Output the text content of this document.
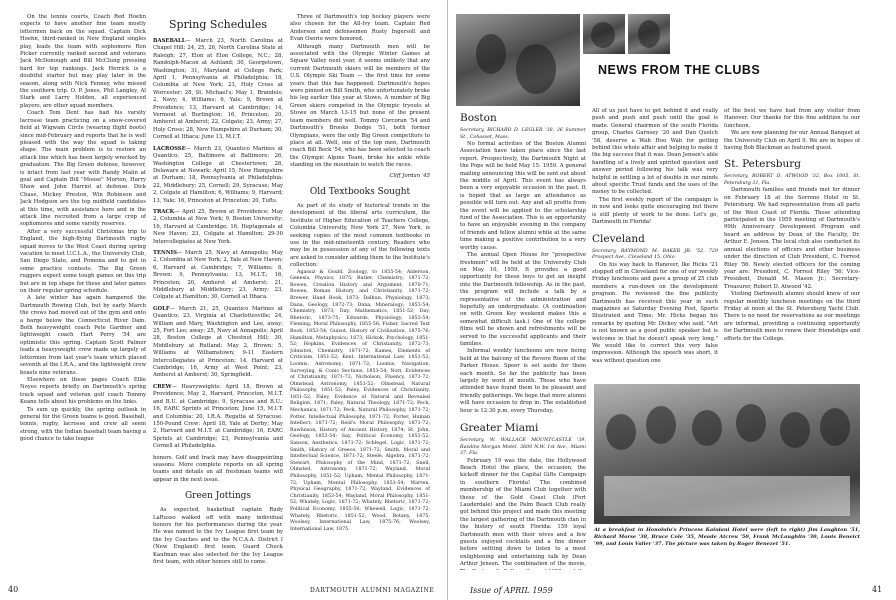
On the tennis courts, Coach Red Hoehn expects to have another fine team mostly lettermen back on the squad. Captain Dick Hoehn, third-ranked in New England singles play, leads the team with sophomore Ron Picker currently ranked second and veterans Jack McDonough and Bill McClung pressing hard for top rankings. Jack Herrick is a doubtful starter but may play later in the season, along with Nick Fenney, who missed the southern trip. O. P. Jones, Phil Langley, Al Stark and Larry Holden, all experienced players, are other squad members.

Coach Tom Dent has had his varsity lacrosse team practicing on a snow-covered field at Wigwam Circle (wearing flight boots) since mid-February and reports that he is well pleased with the way the squad is taking shape. The main problem is to restore an attack line which has been largely wrecked by graduation. The Big Green defense, however, is intact from last year with Randy Malin at goal and Captain Bill "Moose" Morton, Harry Shaw and John Harriot at defense. Dick Chase, Mickey Preston, Win Robinson and Jack Hodgson are the top midfield candidates at this time, with assistance here and in the attack line recruited from a large crop of sophomores and some varsity reserves.

After a very successful Christmas trip to England, the high-flying Dartmouth rugby squad moves to the West Coast during spring vacation to meet U.C.L.A., the University Club, San Diego State, and Pomona and to get in some practice contests. The Big Green ruggers expect some tough games on this trip but are in top shape for these and later games on their regular spring schedule.

A late winter has again hampered the Dartmouth Rowing Club, but by early March the crews had moved out of the gym and onto a barge below the Connecticut River Dam. Both heavyweight coach Pete Gardner and lightweight coach Hart Perry '54 are optimistic this spring. Captain Scott Palmer leads a heavyweight crew made up largely of lettermen from last year's team which placed seventh at the I.R.A., and the lightweight crew boasts nine veterans.

Elsewhere on these pages Coach Ellie Noyes reports briefly on Dartmouth's spring track squad and veteran golf coach Tommy Keane tells about his problems on the links.

To sum up quickly, the spring outlook in general for the Green teams is good. Baseball, tennis, rugby, lacrosse and crew all seem strong, with the Indian baseball team having a good chance to take league

Spring Schedules

BASEBALL— March 23, North Carolina at Chapel Hill; 24, 25, 26, North Carolina State at Raleigh; 27, Elon at Elon College, N.C.; 28, Randolph-Macon at Ashland; 30, Georgetown, Washington; 31, Maryland at College Park; April 1, Pennsylvania at Philadelphia; 18, Columbia at New York; 23, Holy Cross at Worcester; 28, St. Michael's; May 1, Brandeis; 2, Navy; 4, Williams; 6, Yale; 9, Brown at Providence; 13, Harvard at Cambridge; 14, Vermont at Burlington; 16, Princeton; 20, Amherst at Amherst; 22, Colgate; 23, Army; 27, Holy Cross; 28, New Hampshire at Durham; 30, Cornell at Ithaca; June 13, M.I.T.

LACROSSE— March 23, Quantico Marines at Quantico; 25, Baltimore at Baltimore; 26, Washington College at Chestertown; 28, Delaware at Newark; April 15, New Hampshire at Durham; 18, Pennsylvania at Philadelphia; 22, Middlebury; 25, Cornell; 29, Syracuse; May 2, Colgate at Hamilton; 6, Williams; 9, Harvard; 13, Yale; 16, Princeton at Princeton; 20, Tufts.

TRACK— April 25, Brown at Providence; May 2, Columbia at New York; 9, Boston University; 16, Harvard at Cambridge; 16, Heptagonals at New Haven; 23, Colgate at Hamilton; 29-30 Intercollegiates at New York.

TENNIS— March 25, Navy at Annapolis; May 2, Columbia at New York; 2, Yale at New Haven; 6, Harvard at Cambridge; 7, Williams; 8, Brown; 9, Pennsylvania; 13, M.I.T.; 16, Princeton; 20, Amherst at Amherst; 21, Middlebury at Middlebury; 23, Army; 23, Colgate at Hamilton; 30, Cornell at Ithaca.

GOLF— March 21, 25, Quantico Marines at Quantico; 23, Virginia at Charlottesville; 24, William and Mary, Washington and Lee, away; 25, Fort Lee; away; 25, Navy at Annapolis; April 28, Boston College at Chestnut Hill; 30, Middlebury at Rutland; May 2, Brown; 5, Williams at Williamstown; 9-11 Eastern Intercollegiates at Princeton; 14, Harvard at Cambridge; 16, Army at West Point; 23, Amherst at Amherst; 30, Springfield.

CREW— Heavyweights: April 18, Brown at Providence; May 2, Harvard, Princeton, M.I.T. and B.U. at Cambridge; 9, Syracuse and B.U.; 16, EARC Sprints at Princeton; June 15, M.I.T. and Columbia; 20, I.R.A. Regatta at Syracuse. 150-Pound Crew: April 18, Yale at Derby; May 2, Harvard and M.I.T. at Cambridge; 16, EARC Sprints at Cambridge; 23, Pennsylvania and Cornell at Philadelphia.

honors. Golf and track may have disappointing seasons. More complete reports on all spring teams and details on all freshman teams will appear in the next issue.

Green Jottings

As expected, basketball captain Rudy LaRusso walked off with many individual honors for his performances during the year. He was named to the Ivy League first team by the Ivy Coaches and to the N.C.A.A. District I (New England) first team. Guard Chuck Kaufman was also selected for the Ivy League first team, with other honors still to come.

Three of Dartmouth's top hockey players were also chosen for the All-Ivy team. Captain Red Anderson and defensemen Rusty Ingersoll and Evan Osorio were honored.

Although many Dartmouth men will be associated with the Olympic Winter Games at Squaw Valley next year, it seems unlikely that any current Dartmouth skiers will be members of the U.S. Olympic Ski Team — the first time for some years that this has happened. Dartmouth's hopes were pinned on Bill Smith, who unfortunately broke his leg earlier this year at Stowe. A number of Big Green skiers competed in the Olympic tryouts at Stowe on March 13-15 but none of the present team members did well. Tommy Corcoran '54 and Dartmouth's Brooks Dodge '51, both former Olympians, were the only Big Green competitors to place at all. Well, one of the top men, Dartmouth coach Bill Beck '54, who has been selected to coach the Olympic Alpine Team, broke his ankle while standing on the mountain to watch the races.

Cliff Jordan '45
Old Textbooks Sought

As part of its study of historical trends in the development of the liberal arts curriculum, the Institute of Higher Education of Teachers College, Columbia University, New York 27, New York, is seeking copies of the most common textbooks in use in the mid-nineteenth century. Readers who may be in possession of any of the following texts are asked to consider adding them to the Institute's collection:

Agassiz & Gould, Zoology, to 1855-54; Alderson, Genesis, Physics; 1875; Butler, Chemistry; 1871-72; Bowen, Creation History and Argument, 1870-71; Bowen, Roman History and Christianity, 1871-72; Brewer, Hand Book, 1873; Dalhun, Physiology, 1873; Dana, Geology, 1872-73; Dana, Mineralogy; 1853-54; Chemistry, 1873; Day, Mathematics, 1851-52; Day, Rhetoric, 1873-75; Edwards, Physiology, 1853-54; Fleming, Moral Philosophy, 1855-56; Fisher, Sacred Text Book, 1853-54; Guizot, History of Civilization, 1875-76; Hamilton, Metaphysics; 1873; Hickok, Psychology, 1851-52; Hopkins, Evidences of Christianity, 1872-73; Johnston, Chemistry, 1871-72; Kames, Elements of Criticism, 1851-52; Kent, International Law, 1851-52; Loomis, Astronomy; 1871-72; Loomis, Navigation, Surveying, & Conic Sections, 1853-54; Nott, Evidences of Christianity, 1871-72; Nicholson, Fluency, 1871-72; Olmstead, Astronomy, 1851-52; Olmstead, Natural Philosophy, 1851-52; Paley, Evidences of Christianity, 1851-52; Paley, Evidence of Natural and Revealed Religion, 1871; Paley, Natural Theology, 1871-72; Peck, Mechanics, 1871-72; Peck, Natural Philosophy, 1871-72; Potter, Intellectual Philosophy, 1871-72; Porter, Human Intellect; 1871-72; Reid's Moral Philosophy, 1871-72; Rawlinson, History of Ancient History, 1874; St. John, Geology, 1853-54; Say, Political Economy, 1851-52; Sanson, Aesthetics, 1871-72; Schlegel, Logic, 1871-72; Smith, History of Greece, 1871-72; Smith, Moral and Intellectual Science, 1871-72; Steele, Algebra, 1871-72; Stewart, Philosophy of the Mind, 1871-72; Snell, Olmsted, Astronomy, 1871-72; Wayland, Moral Philosophy, 1851-52; Upham, Mental Philosophy, 1871-72; Upham, Mental Philosophy, 1853-54; Warren, Physical Geography, 1871-72; Wayland, Evidences of Christianity, 1853-54; Wayland, Moral Philosophy, 1851-52; Whately, Logic, 1871-72; Whately, Rhetoric, 1871-72; Political Economy, 1855-56; Whewell, Logic, 1871-72; Whately, Rhetoric, 1851-52; Wood, Botany, 1875; Woolsey, International Law, 1875-76; Woolsey, International Law, 1875.

40	DARTMOUTH ALUMNI MAGAZINE
NEWS FROM THE CLUBS
Boston

Secretary, RICHARD D. LEGLER '38, 36 Summer St., Cohasset, Mass.

No formal activities of the Boston Alumni Association have taken place since the last report. Prospectively, the Dartmouth Night at the Pops will be held May 15. 1959. A general mailing announcing this will be sent out about the middle of April. This event has always been a very enjoyable occasion in the past. It is hoped that as large an attendance as possible will turn out. Any and all profits from the event will be applied to the scholarship fund of the Association. This is an opportunity to have an enjoyable evening in the company of friends and fellow alumni while at the same time making a positive contribution to a very worthy cause.

The annual Open House for "prospective freshmen" will be held at the University Club on May 10, 1959. It provides a good opportunity for these boys to get an insight into the Dartmouth fellowship. As in the past, the program will include a talk by a representative of the administration and hopefully an undergraduate. (A continuation on with Green Key weekend makes this a somewhat difficult task.) One of the college films will be shown and refreshments will be served to the successful applicants and their families.

Informal weekly luncheons are now being held at the balcony of the Revere Room of the Parker House. Speer is set aside for them each month. So far the publicity has been largely by word of mouth. Those who have attended have found them to be pleasant and friendly gatherings. We hope that more alumni will have occasion to drop in. The established hour is 12:30 p.m. every Thursday.

Greater Miami

Secretary, W. WALLACE MOUNTCASTLE '39, Rawlins Morgan Motel, 3600 N.W. 1st Ave., Miami 37, Fla.

February 19 was the date, the Hollywood Beach Hotel the place, the occasion, the kickoff dinner for the Capital Gifts Campaign in southern Florida! The combined membership of the Miami Club together with those of the Gold Coast Club (Fort Lauderdale) and the Palm Beach Club really got behind this project and made this meeting the largest gathering of the Dartmouth clan in the history of south Florida: 159 loyal Dartmouth men with their wives and a few guests enjoyed cocktails and a fine dinner before settling down to listen to a most enlightening and entertaining talk by Dean Arthur Jensen. The combination of the movie,

All of us just have to get behind it and really push and push and push until the goal is made. General chairmen of the south Florida group, Charles Garnsey '20 and Dan Quelch '58, deserve a Wah Hoo Wah for getting behind this whole affair and helping to make it the big success that it was. Dean Jensen's able handling of a lively and spirited question and answer period following his talk was very helpful in settling a lot of doubts in our minds about specific Trust funds and the uses of the money to be collected.

The first weekly report of the campaign is in now and looks quite encouraging but there is still plenty of work to be done. Let's go, Dartmouth in Florida!

Cleveland

Secretary, RAYMOND M. BAKER JR. '52, 729 Prospect Ave., Cleveland 15, Ohio

On his way back to Hanover, Ike Hicks '21 stopped off in Cleveland for one of our weekly Friday luncheons and gave a group of 25 club members a run-down on the development program. He reviewed the fine publicity Dartmouth has received this year in such magazines as Saturday Evening Post, Sports Illustrated and Time; Mr. Hicks began his remarks by quoting Mr. Dickey who said, "Art is not known as a good public speaker but is welcome in that he doesn't speak very long." We would like to correct this very false impression. Although the speech was short, it was without question one

of the best we have had from any visitor from Hanover. Our thanks for this fine addition to our luncheon.

We are now planning for our Annual Banquet at the University Club on April 9. We are in hopes of having Bob Blackman as featured guest.

St. Petersburg

Secretary, ROBERT D. ATWOOD '32, Box 1005, St. Petersburg 31, Fla.

Dartmouth families and friends met for dinner on February 18 at the Sorreno Hotel in St. Petersburg. We had representation from all parts of the West Coast of Florida. Those attending participated in the 1959 meeting of Dartmouth's 99th Anniversary Development Program and heard an address by Dean of the Faculty, Dr. Arthur E. Jensen. The local club also conducted its annual elections of officers and other business under the direction of Club President, C. Forrest Riley '56. Newly elected officers for the coming year are: President, C. Forrest Riley '56; Vice-President, Donald M. Mason Jr.; Secretary-Treasurer, Robert D. Atwood '42.

Visiting Dartmouth alumni should know of our regular monthly luncheon meetings on the third Friday at noon at the St. Petersburg Yacht Club. There is no need for reservations as our meetings are informal, providing a continuing opportunity for Dartmouth men to renew their friendships and efforts for the College.

At a breakfast in Honolulu's Princess Kaiulani Hotel were (left to right) Jim Laughton '51, Richard Morse '38, Bruce Cole '35, Meade Atcreu '50, Frank McLaughlin '30, Louis Beneict '99, and Louis Valier '37. The picture was taken by Roger Benezet '51.
Issue of APRIL 1959	41
